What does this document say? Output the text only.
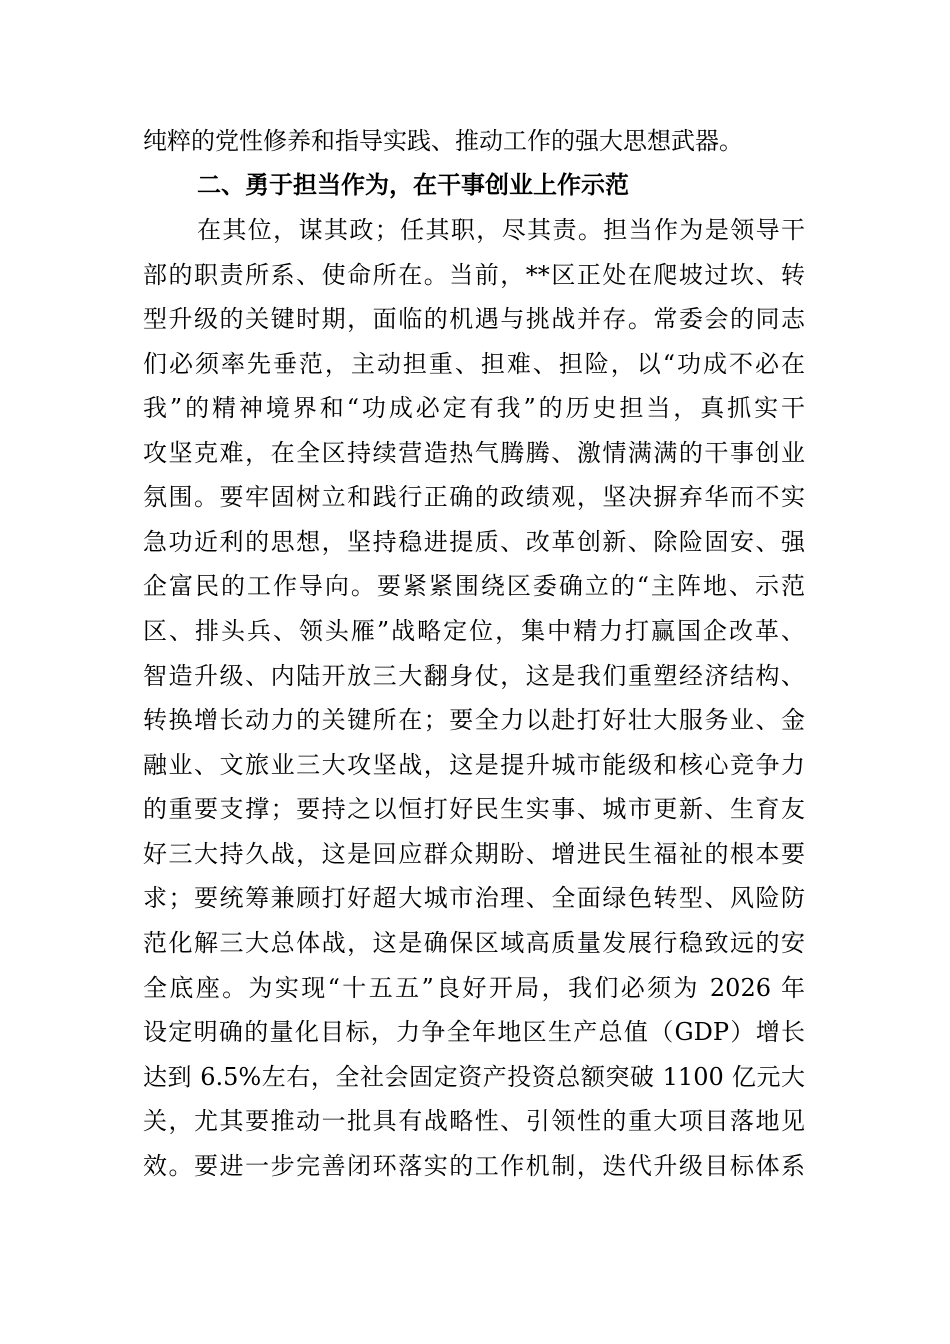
纯粹的党性修养和指导实践、推动工作的强大思想武器。
二、勇于担当作为，在干事创业上作示范
在其位，谋其政；任其职，尽其责。担当作为是领导干
部的职责所系、使命所在。当前，**区正处在爬坡过坎、转
型升级的关键时期，面临的机遇与挑战并存。常委会的同志
们必须率先垂范，主动担重、担难、担险，以“功成不必在
我”的精神境界和“功成必定有我”的历史担当，真抓实干
攻坚克难，在全区持续营造热气腾腾、激情满满的干事创业
氛围。要牢固树立和践行正确的政绩观，坚决摒弃华而不实
急功近利的思想，坚持稳进提质、改革创新、除险固安、强
企富民的工作导向。要紧紧围绕区委确立的“主阵地、示范
区、排头兵、领头雁”战略定位，集中精力打赢国企改革、
智造升级、内陆开放三大翻身仗，这是我们重塑经济结构、
转换增长动力的关键所在；要全力以赴打好壮大服务业、金
融业、文旅业三大攻坚战，这是提升城市能级和核心竞争力
的重要支撑；要持之以恒打好民生实事、城市更新、生育友
好三大持久战，这是回应群众期盼、增进民生福祉的根本要
求；要统筹兼顾打好超大城市治理、全面绿色转型、风险防
范化解三大总体战，这是确保区域高质量发展行稳致远的安
全底座。为实现“十五五”良好开局，我们必须为 2026 年
设定明确的量化目标，力争全年地区生产总值（GDP）增长
达到 6.5%左右，全社会固定资产投资总额突破 1100 亿元大
关，尤其要推动一批具有战略性、引领性的重大项目落地见
效。要进一步完善闭环落实的工作机制，迭代升级目标体系
